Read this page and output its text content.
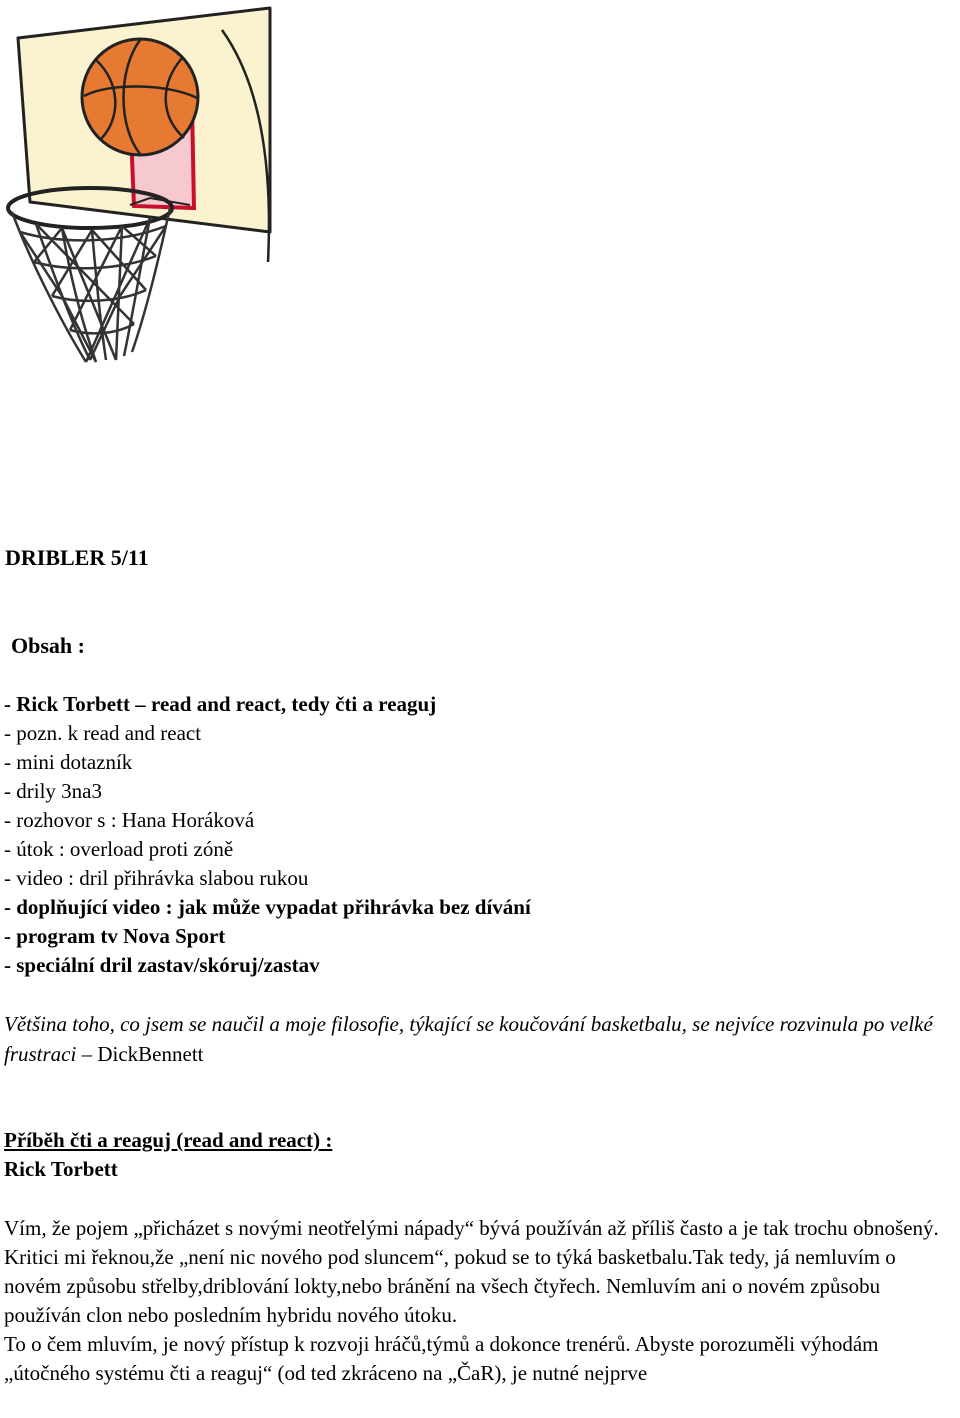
DRIBLER 5/11
Obsah :
- Rick Torbett – read and react, tedy čti a reaguj
- pozn. k read and react
- mini dotazník
- drily 3na3
- rozhovor s : Hana Horáková
- útok : overload proti zóně
- video : dril přihrávka slabou rukou
- doplňující video : jak může vypadat přihrávka bez dívání
- program tv Nova Sport
- speciální dril zastav/skóruj/zastav

Většina toho, co jsem se naučil a moje filosofie, týkající se koučování basketbalu, se nejvíce rozvinula po velké frustraci – DickBennett

Příběh čti a reaguj (read and react) :
Rick Torbett

Vím, že pojem „přicházet s novými neotřelými nápady“ bývá používán až příliš často a je tak trochu obnošený. Kritici mi řeknou,že „není nic nového pod sluncem“, pokud se to týká basketbalu.Tak tedy, já nemluvím o novém způsobu střelby,driblování lokty,nebo bránění na všech čtyřech. Nemluvím ani o novém způsobu používán clon nebo posledním hybridu nového útoku.

To o čem mluvím, je nový přístup k rozvoji hráčů,týmů a dokonce trenérů. Abyste porozuměli výhodám „útočného systému čti a reaguj“ (od ted zkráceno na „ČaR), je nutné nejprve
